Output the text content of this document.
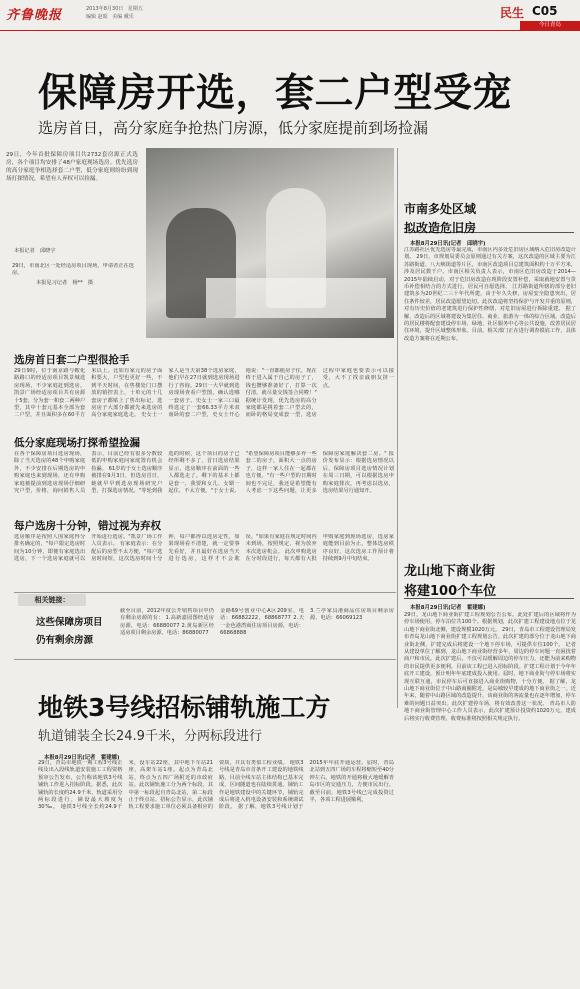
齐鲁晚报	2013年8月30日 星期五
编辑 赵昭 美编 戴乐	民生 C05
今日青岛
保障房开选，套二户型受宠
选房首日，高分家庭争抢热门房源，低分家庭提前到场捡漏
29日，今年首批保障房项目共2732套房源正式选房，各个项目均安排了48户家庭现场选房。优先选房的高分家庭争相选择套二户型，低分家庭则纷纷到现场打探情况，希望有人弃权可以捡漏。
本报记者　邱晓宇
29日，市南北区一处经适房项目现场，申请者正在选房。
本报见习记者　杨**　摄
市南多处区域
拟改造危旧房
本报8月29日讯(记者　邱晓宇)
江苏路社区优先选房等最完成，市南区内多处危旧房区域纳入危旧房改造计划。 29日，市规划局委员会原则通过有关方案，这次改造的区域主要为江苏路街道、八大峡街道等片区，市南区改造项目总建筑面积约十万平方米，涉及居民数千户。市南区相关负责人表示，市南区危旧房改造于2014—2015年陆续启动，对于危旧房改造在现阶段安置补偿，采取就地安置与货币补偿相结合的方式进行，居民可自愿选择。 江苏路街道所辖的部分老旧建筑多为20世纪二三十年代所建，由于年久失修，房屋安全隐患突出，居住条件较差，居民改造愿望迫切。此次改造将坚持保护与开发并重的原则，对有历史价值的老建筑进行保护性修缮，对危旧房屋进行拆除重建。 据了解，改造后的区域将建设为集居住、商业、旅游为一体的综合区域，改造后的居民楼将配套建设停车场、绿地、社区服务中心等公共设施，改善居民居住环境，提升区域整体形象。目前，相关部门正在进行调查摸底工作，具体改造方案将在近期公布。
龙山地下商业街
将建100个车位
本报8月29日讯(记者　霍建娜)
29日，龙山地下商业街扩建工程规划公告公布。此处扩建后的区域将作为停车场使用，停车泊位共100个。根据规划，此次扩建工程建设地点位于龙山地下商业街北侧，建设规模1020万元。 29日，青岛市工程建设管理局发布青岛龙山地下商业街扩建工程规划公告。此次扩建的部分位于龙山地下商业街北侧，扩建完成后将建设一个地下停车场，可提供车位100个。 记者从建设单位了解到，龙山地下商业街经营多年，周边的停车问题一直困扰着商户和市民。此次扩建后，不仅可以缓解周边的停车压力，还能为前来购物的市民提供更多便利。目前该工程已进入招标阶段。扩建工程计划于今年年底开工建设，预计明年年底建成投入使用。届时，地下商业街与停车场将实现互联互通，市民停车后可直接进入商业街购物，十分方便。 据了解，龙山地下商业街位于中山路商圈附近，是岛城较早建成的地下商业街之一。近年来，随着中山路区域的改造提升，该商业街的客流量也在逐年增加，停车难的问题日益突出。此次扩建停车场，将有效改善这一状况。 青岛市人防地下商业街管理中心工作人员表示，此次扩建预计投资约1020万元，建成后将实行收费管理，收费标准将按照相关规定执行。
选房首日套二户型很抢手
29日9时，位于南京路与鞍化路路口的经适房项目凯景城选房现场，不少家庭赶到选房。凯景广场经适房项目共有房源十5套，分为套一和套二两种户型，其中十套元基本全部为套二户型，并且面积多在60平方米以上。比如有家元的房子面积要大，户型也更好一些，不到半天时间，在售楼处门口摆放的销控表上，十单元的十几套房子都贴上了售出标记。选房房子大部分都被先来选房的高分家庭家庭选走。 史女士一家人是当天第38个选房家庭，他们早在27日就到选房现场进行了咨询。29日一大早就到选房现场查看户型图，确认选哪一套房子。史女士一家三口最终选定了一套66.33平方米双南卧的套二户型，史女士开心地说："一直都租房子住，现在终于进入属于自己的房子了，钱也攒够准备好了，打算一次付清，就尽量交钱签合同啦！" 据统计发现，优先选房的高分家庭都是挑着套二户型去的，而卧的格局变成套一型，选房过程中家庭也要表示可以接受，大不了找亲戚朋友挤一点。
低分家庭现场打探希望捡漏
在各个保障房项目选房现场，除了当天选房的48个申购家庭外，不少安排在后期选房的申购家庭也来到现场，还有申购家庭被提前到选房现场仔细研究户型，价格，询问销售人员表示，目前已经有很多分数较低的申购家庭问家庭置有机会捡漏。 61岁的于女士选房顺序被排在9月3日，但选房首日，她就早早到选房现场研究户型，打探选房情况。"等轮到我选的时候，这个项目的房子已经所剩不多了，首日选房结果显示，选房顺序在前面的一些人都选走了。剩下的基本上都是套一，我要和女儿、女婿一起住，不太方便。"于女士说。 "希望保障房项目能够多弃一些套二的房子，面积大一点的房子，这样一家人住在一起都在也方便。"有一些户型的日期时间也不完足，我还是希望能有人考虑一下这些问题，让更多保障房家庭解决套二房。" 报价发布显示：根据选房情况以后，保障房项目选房情况计划在周三日期，可以根据选房申购家庭排次，再考虑以选房，选房结果另行通知开。
每户选房十分钟，错过视为弃权
选房顺序是按照人围家庭得分排名确定的，"每户限定选房时间为10分钟，即便有家庭选出选房，下一个选房家庭就可以开始进行选房。"凯景广场工作人员表示。 有家庭表示：在分配后的房型不太方便，"每户选房时间短，这次选房时间十分钟，每户都得以选房定性，如果现场看不清楚，就一定要事先看好，并且最好在选房当天进行选房，这样才不会耽误。"如果有家庭在规定时间内未到场，按照规定，视为放弃本次选房机会。 此次申购选房在分时段进行，每天都有大批申购家庭到现场选房，选房家庭能到目前为止，整体选房秩序良好，这次选房工作预计将持续到9月中旬结束。
相关链接：
这些保障房项目
仍有剩余房源
截至目前，2012年度公开销售项目中仍有剩余房源的有： 1.高新嘉园图经适房房源，电话：66880077 2.黄岛新区经适房项目剩余房源，电话：86880077
金路69号创业中心A区209室，电话：66882222，68868777 2.天一金色港湾商住房项目房源，电话：66868888
3.兰亭家具港商品住房项目剩余房源，电话：66069123
地铁3号线招标铺轨施工方
轨道铺装全长24.9千米，分两标段进行
本报8月29日讯(记者　霍建娜)
29日，青岛市地铁一期工程3号线正线及出入段线轨道安装施工工程资格预审公告发布，公告称该地铁3号线铺轨工作进入招标阶段。据悉，此次铺轨的长度约24.9千米，轨道采用分两标段进行，铺设最大坡度为30‰。 地铁3号线全长约24.9千米，设车站22座，其中地下车站21座，高架车站1座。起点为青岛北站，终点为五四广场附近的市政府站。此次铺轨施工分为两个标段，其中第一标段起自青岛北站，第二标段止于终点站。招标公告显示，此次铺轨工程要求施工单位必须具备相应的资质，并具有类似工程业绩。 地铁3号线是青岛市首条开工建设的地铁线路，目前全线车站主体结构已基本完成，区间隧道也在陆续贯通。铺轨工作是地铁建设中的关键环节，铺轨完成后将进入机电设备安装和系统调试阶段。 据了解，地铁3号线计划于2015年年底开通运营。届时，青岛北站到五四广场的车程将缩短至40分钟左右。地铁的开通将极大地缓解青岛市区的交通压力，方便市民出行。 截至目前，地铁3号线已完成投资过半，各项工程进展顺利。
